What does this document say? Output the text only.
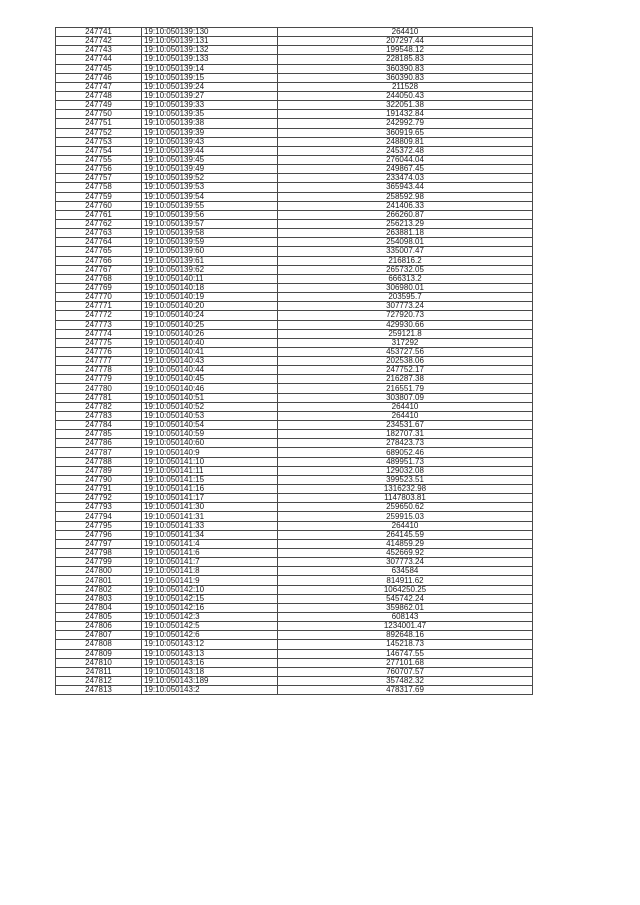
247741	19:10:050139:130	264410
247742	19:10:050139:131	207297.44
247743	19:10:050139:132	199548.12
247744	19:10:050139:133	228185.83
247745	19:10:050139:14	360390.83
247746	19:10:050139:15	360390.83
247747	19:10:050139:24	211528
247748	19:10:050139:27	244050.43
247749	19:10:050139:33	322051.38
247750	19:10:050139:35	191432.84
247751	19:10:050139:38	242992.79
247752	19:10:050139:39	360919.65
247753	19:10:050139:43	248809.81
247754	19:10:050139:44	245372.48
247755	19:10:050139:45	276044.04
247756	19:10:050139:49	249867.45
247757	19:10:050139:52	233474.03
247758	19:10:050139:53	365943.44
247759	19:10:050139:54	258592.98
247760	19:10:050139:55	241406.33
247761	19:10:050139:56	266260.87
247762	19:10:050139:57	256213.29
247763	19:10:050139:58	263881.18
247764	19:10:050139:59	254098.01
247765	19:10:050139:60	335007.47
247766	19:10:050139:61	216816.2
247767	19:10:050139:62	265732.05
247768	19:10:050140:11	666313.2
247769	19:10:050140:18	306980.01
247770	19:10:050140:19	203595.7
247771	19:10:050140:20	307773.24
247772	19:10:050140:24	727920.73
247773	19:10:050140:25	429930.66
247774	19:10:050140:26	259121.8
247775	19:10:050140:40	317292
247776	19:10:050140:41	453727.56
247777	19:10:050140:43	202538.06
247778	19:10:050140:44	247752.17
247779	19:10:050140:45	216287.38
247780	19:10:050140:46	216551.79
247781	19:10:050140:51	303807.09
247782	19:10:050140:52	264410
247783	19:10:050140:53	264410
247784	19:10:050140:54	234531.67
247785	19:10:050140:59	182707.31
247786	19:10:050140:60	278423.73
247787	19:10:050140:9	689052.46
247788	19:10:050141:10	489951.73
247789	19:10:050141:11	129032.08
247790	19:10:050141:15	399523.51
247791	19:10:050141:16	1316232.98
247792	19:10:050141:17	1147803.81
247793	19:10:050141:30	259650.62
247794	19:10:050141:31	259915.03
247795	19:10:050141:33	264410
247796	19:10:050141:34	264145.59
247797	19:10:050141:4	414859.29
247798	19:10:050141:6	452669.92
247799	19:10:050141:7	307773.24
247800	19:10:050141:8	634584
247801	19:10:050141:9	814911.62
247802	19:10:050142:10	1064250.25
247803	19:10:050142:15	545742.24
247804	19:10:050142:16	359862.01
247805	19:10:050142:3	608143
247806	19:10:050142:5	1234001.47
247807	19:10:050142:6	892648.16
247808	19:10:050143:12	145218.73
247809	19:10:050143:13	146747.55
247810	19:10:050143:16	277101.68
247811	19:10:050143:18	760707.57
247812	19:10:050143:189	357482.32
247813	19:10:050143:2	478317.69
